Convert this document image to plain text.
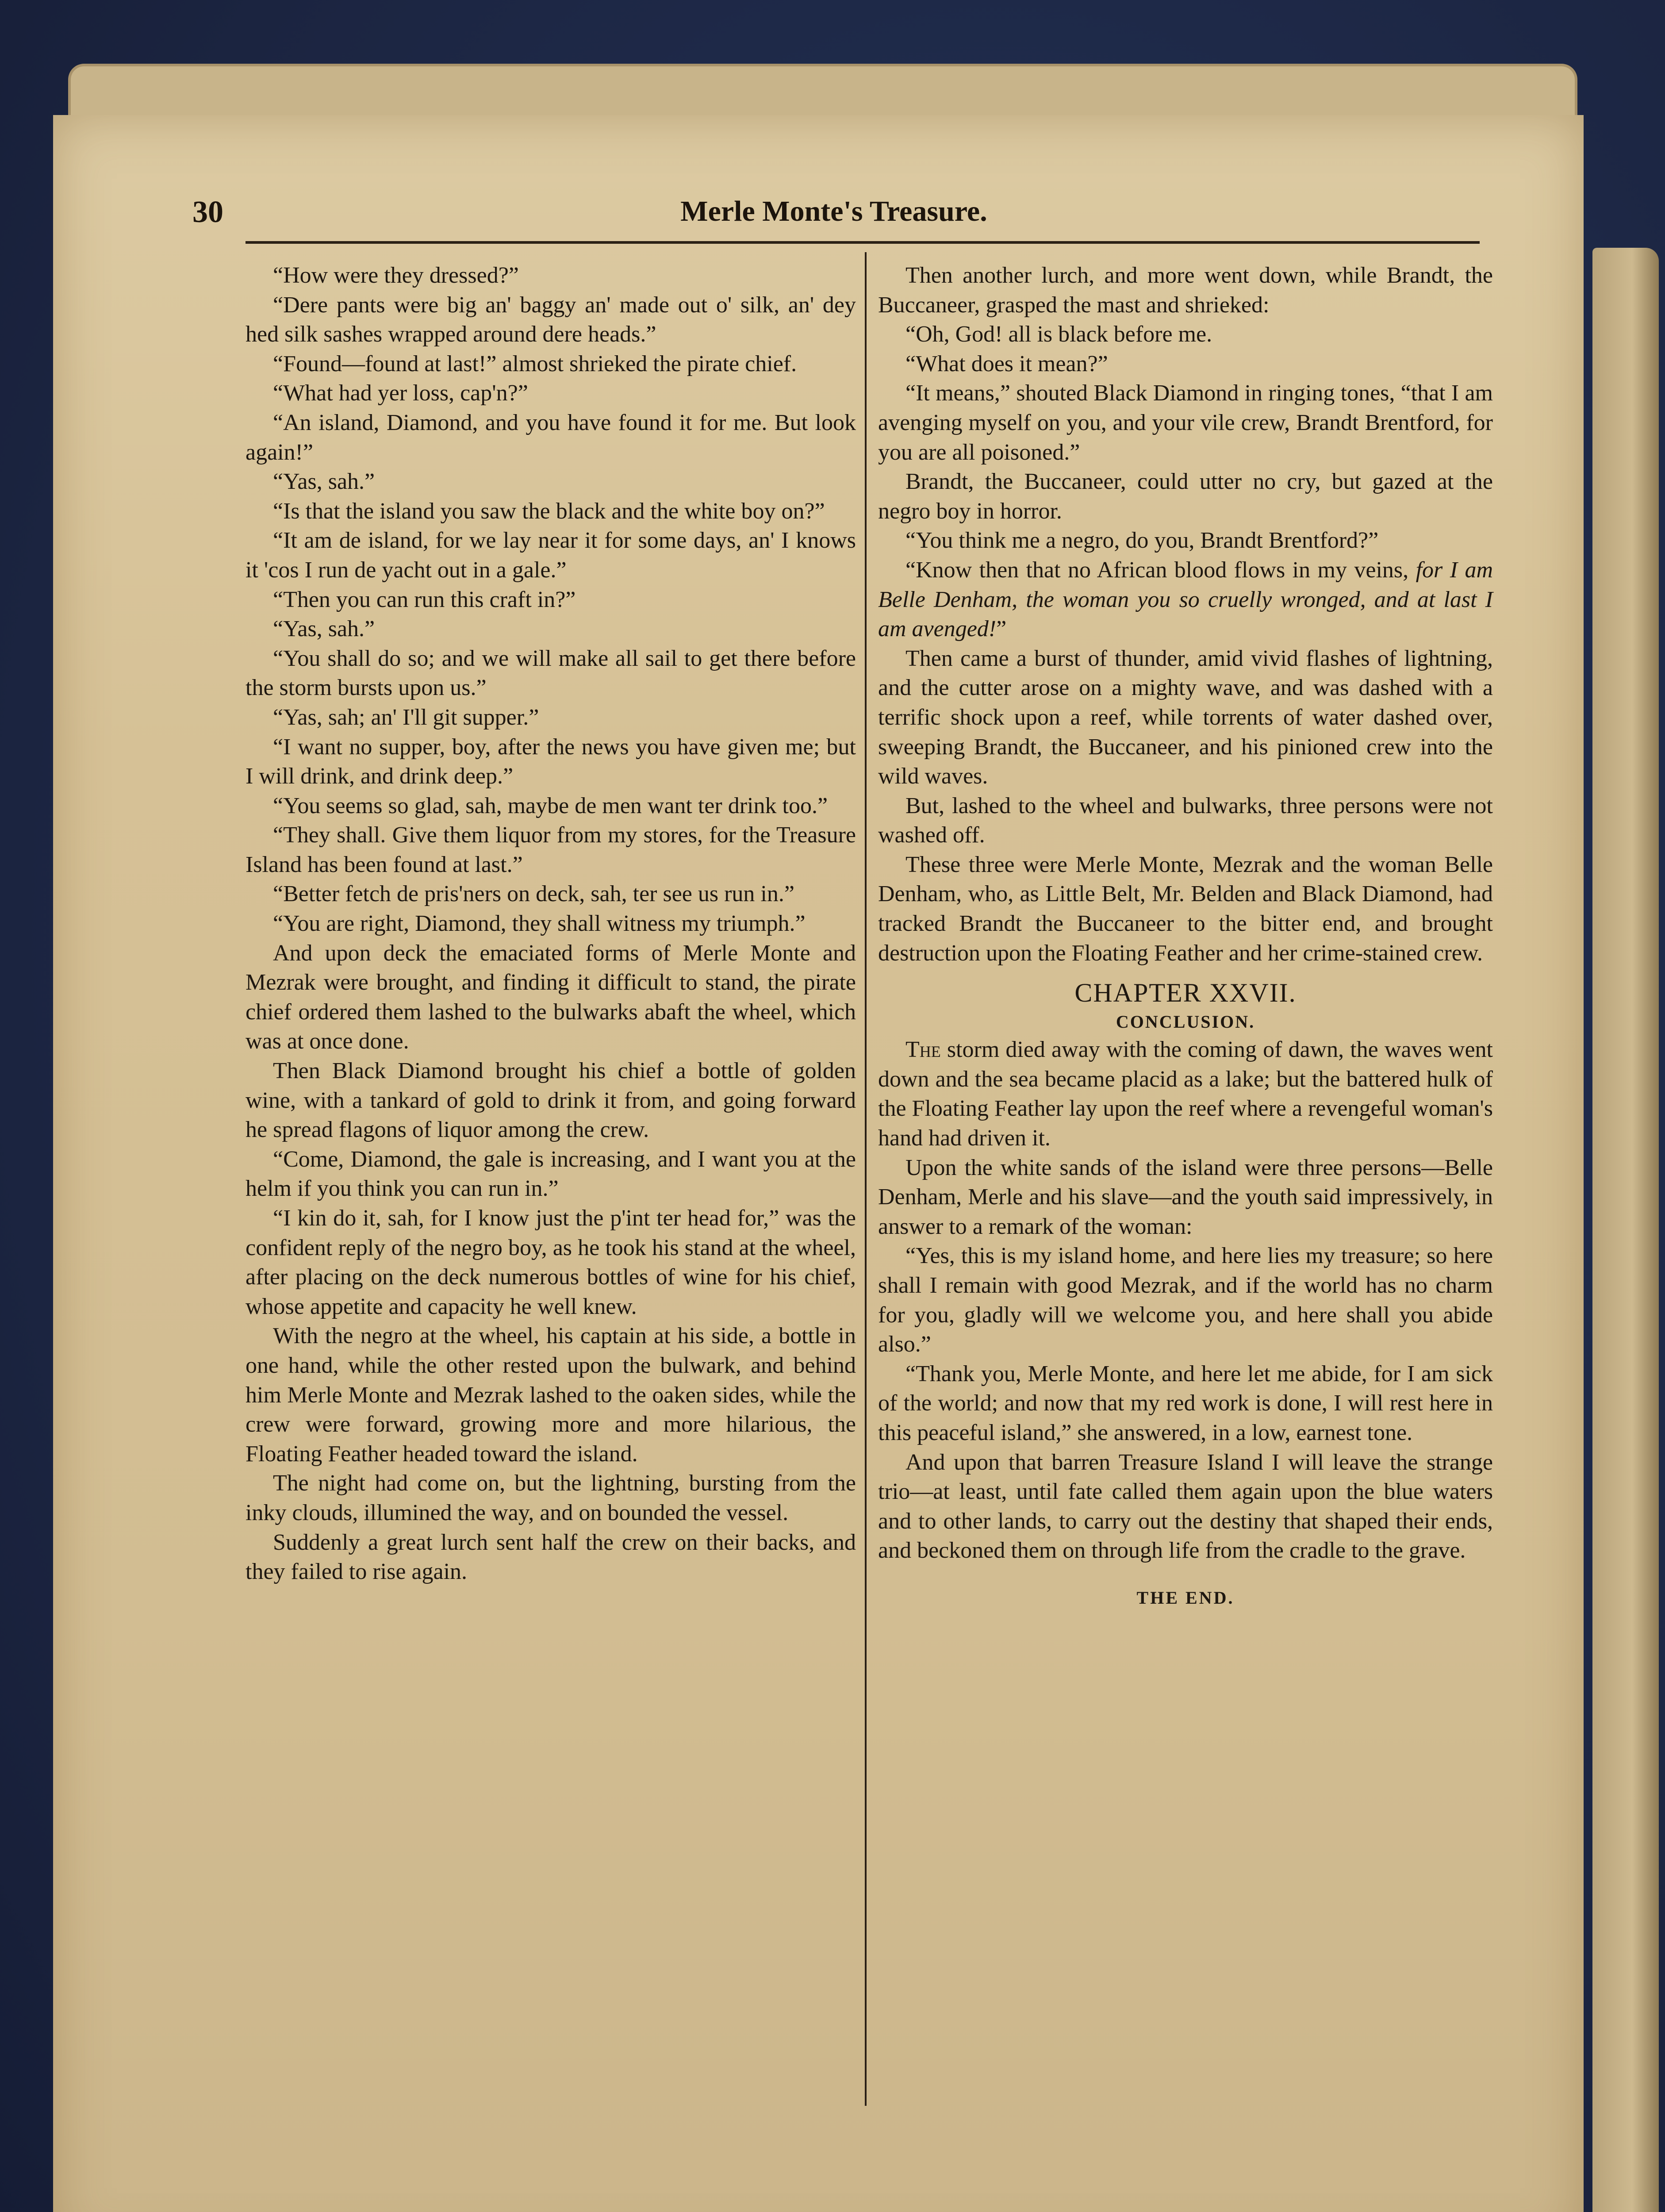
30	Merle Monte's Treasure.

“How were they dressed?”

“Dere pants were big an' baggy an' made out o' silk, an' dey hed silk sashes wrapped around dere heads.”

“Found—found at last!” almost shrieked the pirate chief.

“What had yer loss, cap'n?”

“An island, Diamond, and you have found it for me. But look again!”

“Yas, sah.”

“Is that the island you saw the black and the white boy on?”

“It am de island, for we lay near it for some days, an' I knows it 'cos I run de yacht out in a gale.”

“Then you can run this craft in?”

“Yas, sah.”

“You shall do so; and we will make all sail to get there before the storm bursts upon us.”

“Yas, sah; an' I'll git supper.”

“I want no supper, boy, after the news you have given me; but I will drink, and drink deep.”

“You seems so glad, sah, maybe de men want ter drink too.”

“They shall. Give them liquor from my stores, for the Treasure Island has been found at last.”

“Better fetch de pris'ners on deck, sah, ter see us run in.”

“You are right, Diamond, they shall witness my triumph.”

And upon deck the emaciated forms of Merle Monte and Mezrak were brought, and finding it difficult to stand, the pirate chief ordered them lashed to the bulwarks abaft the wheel, which was at once done.

Then Black Diamond brought his chief a bottle of golden wine, with a tankard of gold to drink it from, and going forward he spread flagons of liquor among the crew.

“Come, Diamond, the gale is increasing, and I want you at the helm if you think you can run in.”

“I kin do it, sah, for I know just the p'int ter head for,” was the confident reply of the negro boy, as he took his stand at the wheel, after placing on the deck numerous bottles of wine for his chief, whose appetite and capacity he well knew.

With the negro at the wheel, his captain at his side, a bottle in one hand, while the other rested upon the bulwark, and behind him Merle Monte and Mezrak lashed to the oaken sides, while the crew were forward, growing more and more hilarious, the Floating Feather headed toward the island.

The night had come on, but the lightning, bursting from the inky clouds, illumined the way, and on bounded the vessel.

Suddenly a great lurch sent half the crew on their backs, and they failed to rise again.

Then another lurch, and more went down, while Brandt, the Buccaneer, grasped the mast and shrieked:

“Oh, God! all is black before me.

“What does it mean?”

“It means,” shouted Black Diamond in ringing tones, “that I am avenging myself on you, and your vile crew, Brandt Brentford, for you are all poisoned.”

Brandt, the Buccaneer, could utter no cry, but gazed at the negro boy in horror.

“You think me a negro, do you, Brandt Brentford?”

“Know then that no African blood flows in my veins, for I am Belle Denham, the woman you so cruelly wronged, and at last I am avenged!”

Then came a burst of thunder, amid vivid flashes of lightning, and the cutter arose on a mighty wave, and was dashed with a terrific shock upon a reef, while torrents of water dashed over, sweeping Brandt, the Buccaneer, and his pinioned crew into the wild waves.

But, lashed to the wheel and bulwarks, three persons were not washed off.

These three were Merle Monte, Mezrak and the woman Belle Denham, who, as Little Belt, Mr. Belden and Black Diamond, had tracked Brandt the Buccaneer to the bitter end, and brought destruction upon the Floating Feather and her crime-stained crew.

CHAPTER XXVII.
CONCLUSION.

The storm died away with the coming of dawn, the waves went down and the sea became placid as a lake; but the battered hulk of the Floating Feather lay upon the reef where a revengeful woman's hand had driven it.

Upon the white sands of the island were three persons—Belle Denham, Merle and his slave—and the youth said impressively, in answer to a remark of the woman:

“Yes, this is my island home, and here lies my treasure; so here shall I remain with good Mezrak, and if the world has no charm for you, gladly will we welcome you, and here shall you abide also.”

“Thank you, Merle Monte, and here let me abide, for I am sick of the world; and now that my red work is done, I will rest here in this peaceful island,” she answered, in a low, earnest tone.

And upon that barren Treasure Island I will leave the strange trio—at least, until fate called them again upon the blue waters and to other lands, to carry out the destiny that shaped their ends, and beckoned them on through life from the cradle to the grave.

THE END.
